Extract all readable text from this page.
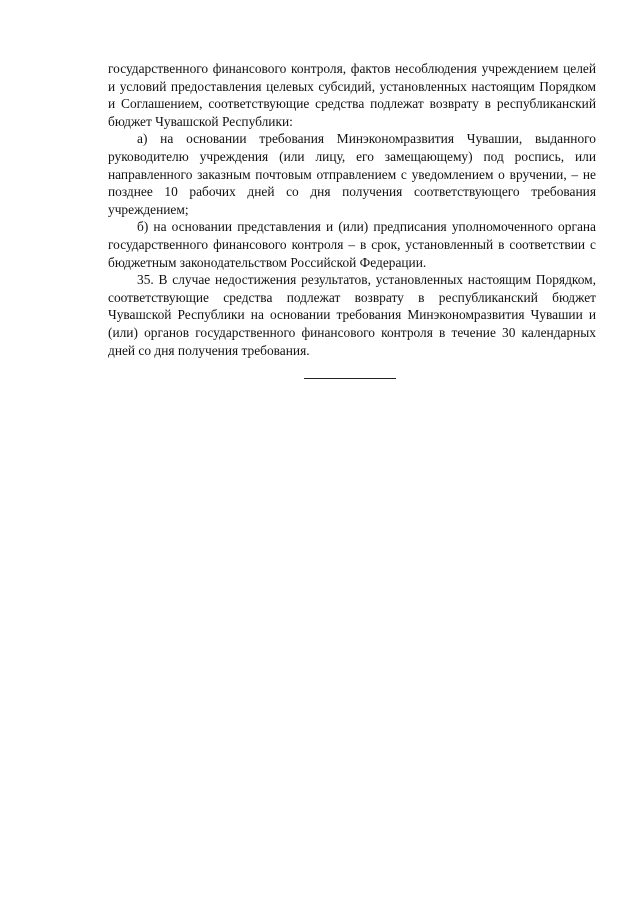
государственного финансового контроля, фактов несоблюдения учреждением целей и условий предоставления целевых субсидий, установленных настоящим Порядком и Соглашением, соответствующие средства подлежат возврату в республиканский бюджет Чувашской Республики:

а) на основании требования Минэкономразвития Чувашии, выданного руководителю учреждения (или лицу, его замещающему) под роспись, или направленного заказным почтовым отправлением с уведомлением о вручении, – не позднее 10 рабочих дней со дня получения соответствующего требования учреждением;

б) на основании представления и (или) предписания уполномоченного органа государственного финансового контроля – в срок, установленный в соответствии с бюджетным законодательством Российской Федерации.

35. В случае недостижения результатов, установленных настоящим Порядком, соответствующие средства подлежат возврату в республиканский бюджет Чувашской Республики на основании требования Минэкономразвития Чувашии и (или) органов государственного финансового контроля в течение 30 календарных дней со дня получения требования.
